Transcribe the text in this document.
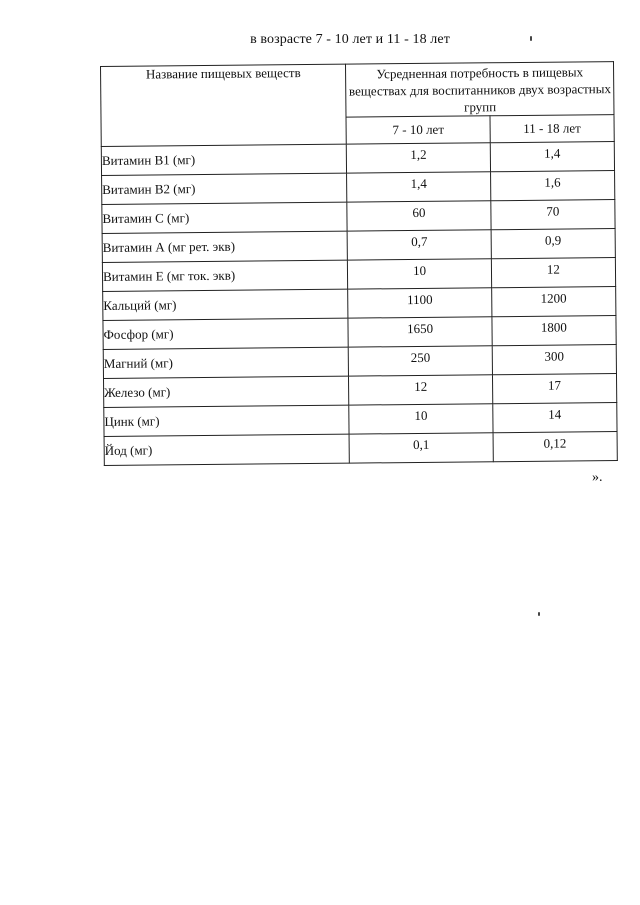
в возрасте 7 - 10 лет и 11 - 18 лет
Название пищевых веществ	Усредненная потребность в пищевых веществах для воспитанников двух возрастных групп	
	7 - 10 лет	11 - 18 лет
Витамин В1 (мг)	1,2	1,4
Витамин В2 (мг)	1,4	1,6
Витамин С (мг)	60	70
Витамин А (мг рет. экв)	0,7	0,9
Витамин Е (мг ток. экв)	10	12
Кальций (мг)	1100	1200
Фосфор (мг)	1650	1800
Магний (мг)	250	300
Железо (мг)	12	17
Цинк (мг)	10	14
Йод (мг)	0,1	0,12
».
